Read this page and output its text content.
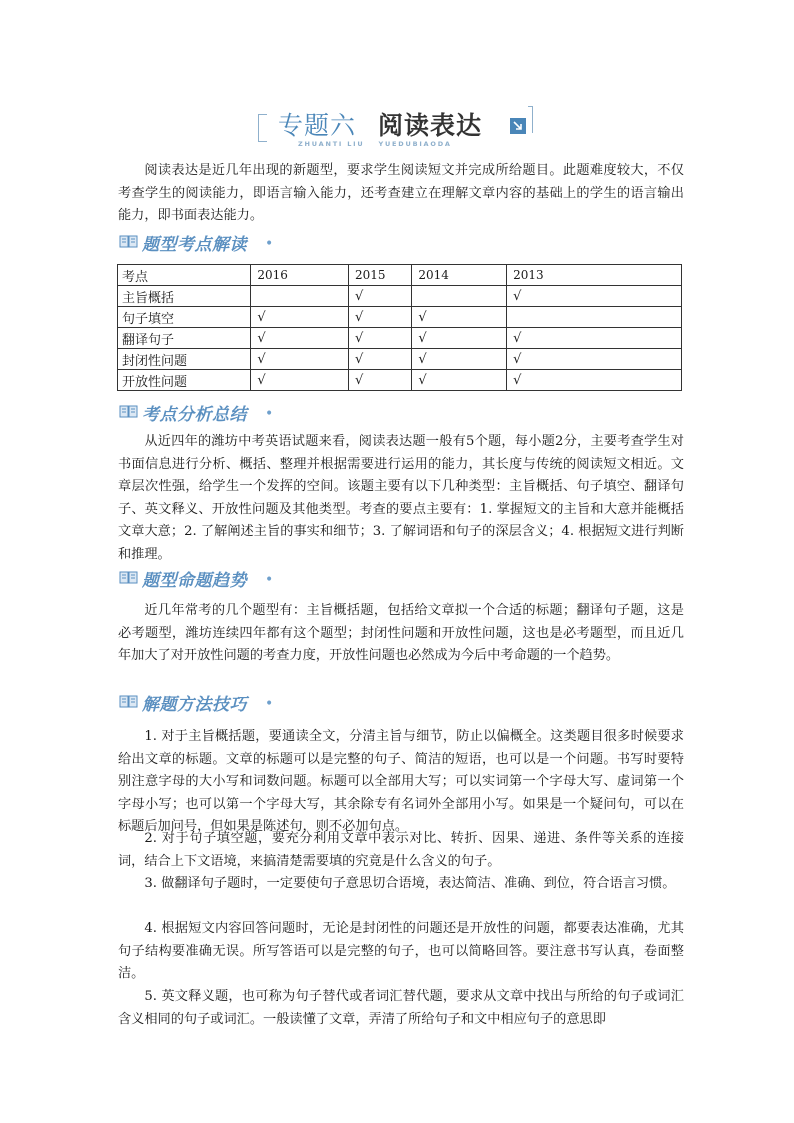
专题六 阅读表达
ZHUANTI LIU YUEDUBIAODA

阅读表达是近几年出现的新题型，要求学生阅读短文并完成所给题目。此题难度较大，不仅考查学生的阅读能力，即语言输入能力，还考查建立在理解文章内容的基础上的学生的语言输出能力，即书面表达能力。

题型考点解读 •
考点	2016	2015	2014	2013
主旨概括		√		√
句子填空	√	√	√	
翻译句子	√	√	√	√
封闭性问题	√	√	√	√
开放性问题	√	√	√	√
考点分析总结 •

从近四年的潍坊中考英语试题来看，阅读表达题一般有5个题，每小题2分，主要考查学生对书面信息进行分析、概括、整理并根据需要进行运用的能力，其长度与传统的阅读短文相近。文章层次性强，给学生一个发挥的空间。该题主要有以下几种类型：主旨概括、句子填空、翻译句子、英文释义、开放性问题及其他类型。考查的要点主要有：1. 掌握短文的主旨和大意并能概括文章大意；2. 了解阐述主旨的事实和细节；3. 了解词语和句子的深层含义；4. 根据短文进行判断和推理。

题型命题趋势 •

近几年常考的几个题型有：主旨概括题，包括给文章拟一个合适的标题；翻译句子题，这是必考题型，潍坊连续四年都有这个题型；封闭性问题和开放性问题，这也是必考题型，而且近几年加大了对开放性问题的考查力度，开放性问题也必然成为今后中考命题的一个趋势。

解题方法技巧 •

1. 对于主旨概括题，要通读全文，分清主旨与细节，防止以偏概全。这类题目很多时候要求给出文章的标题。文章的标题可以是完整的句子、简洁的短语，也可以是一个问题。书写时要特别注意字母的大小写和词数问题。标题可以全部用大写；可以实词第一个字母大写、虚词第一个字母小写；也可以第一个字母大写，其余除专有名词外全部用小写。如果是一个疑问句，可以在标题后加问号，但如果是陈述句，则不必加句点。

2. 对于句子填空题，要充分利用文章中表示对比、转折、因果、递进、条件等关系的连接词，结合上下文语境，来搞清楚需要填的究竟是什么含义的句子。

3. 做翻译句子题时，一定要使句子意思切合语境，表达简洁、准确、到位，符合语言习惯。

4. 根据短文内容回答问题时，无论是封闭性的问题还是开放性的问题，都要表达准确，尤其句子结构要准确无误。所写答语可以是完整的句子，也可以简略回答。要注意书写认真，卷面整洁。

5. 英文释义题，也可称为句子替代或者词汇替代题，要求从文章中找出与所给的句子或词汇含义相同的句子或词汇。一般读懂了文章，弄清了所给句子和文中相应句子的意思即
